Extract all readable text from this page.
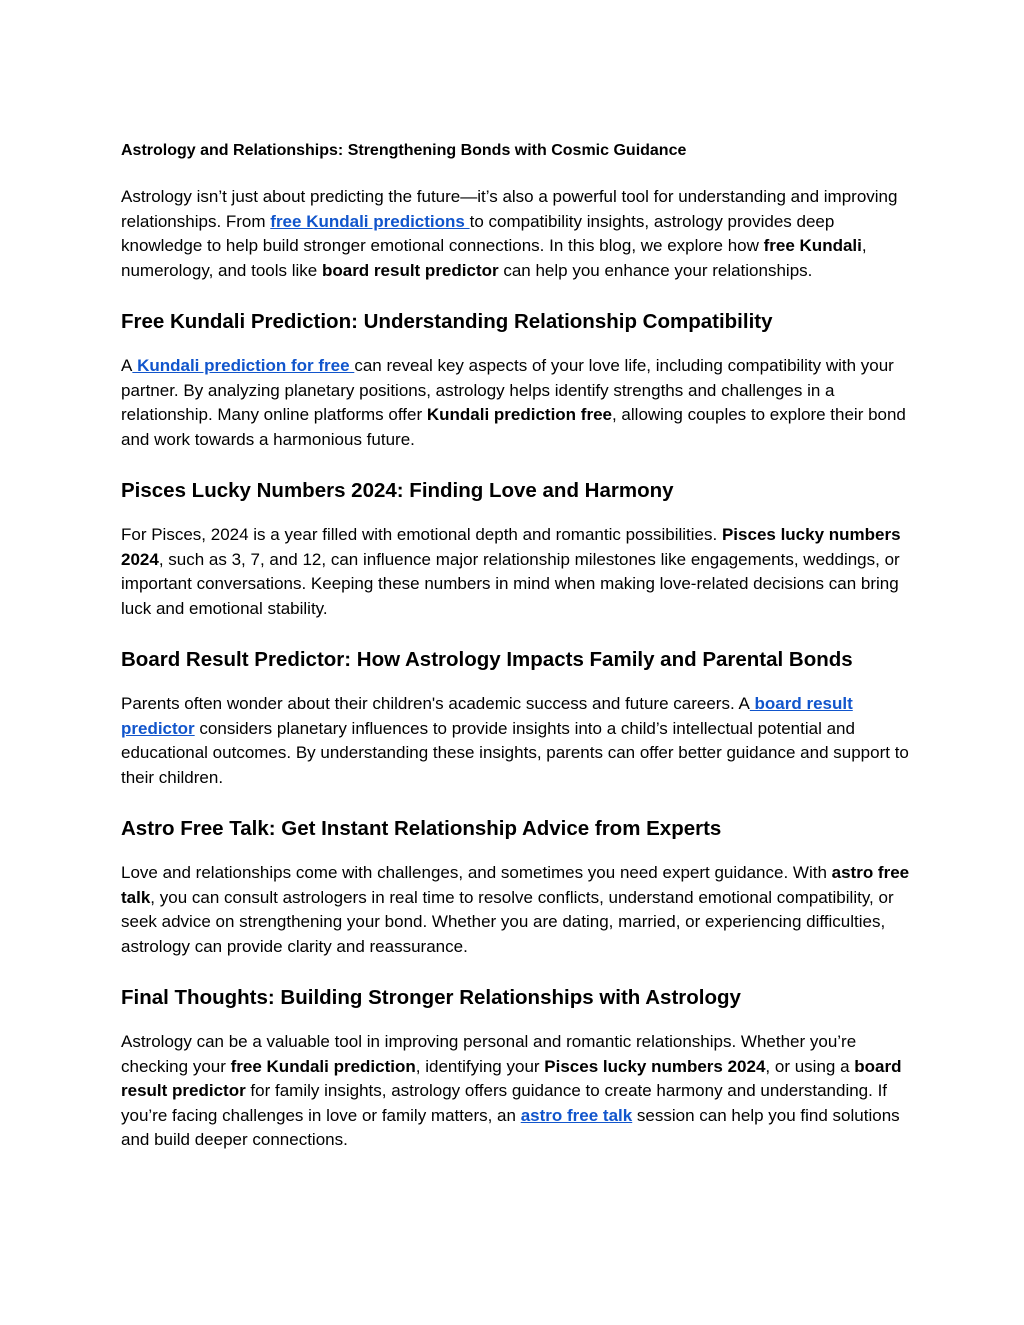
Astrology and Relationships: Strengthening Bonds with Cosmic Guidance

Astrology isn’t just about predicting the future—it’s also a powerful tool for understanding and improving relationships. From free Kundali predictions to compatibility insights, astrology provides deep knowledge to help build stronger emotional connections. In this blog, we explore how free Kundali, numerology, and tools like board result predictor can help you enhance your relationships.

Free Kundali Prediction: Understanding Relationship Compatibility

A Kundali prediction for free can reveal key aspects of your love life, including compatibility with your partner. By analyzing planetary positions, astrology helps identify strengths and challenges in a relationship. Many online platforms offer Kundali prediction free, allowing couples to explore their bond and work towards a harmonious future.

Pisces Lucky Numbers 2024: Finding Love and Harmony

For Pisces, 2024 is a year filled with emotional depth and romantic possibilities. Pisces lucky numbers 2024, such as 3, 7, and 12, can influence major relationship milestones like engagements, weddings, or important conversations. Keeping these numbers in mind when making love-related decisions can bring luck and emotional stability.

Board Result Predictor: How Astrology Impacts Family and Parental Bonds

Parents often wonder about their children's academic success and future careers. A board result predictor considers planetary influences to provide insights into a child’s intellectual potential and educational outcomes. By understanding these insights, parents can offer better guidance and support to their children.

Astro Free Talk: Get Instant Relationship Advice from Experts

Love and relationships come with challenges, and sometimes you need expert guidance. With astro free talk, you can consult astrologers in real time to resolve conflicts, understand emotional compatibility, or seek advice on strengthening your bond. Whether you are dating, married, or experiencing difficulties, astrology can provide clarity and reassurance.

Final Thoughts: Building Stronger Relationships with Astrology

Astrology can be a valuable tool in improving personal and romantic relationships. Whether you’re checking your free Kundali prediction, identifying your Pisces lucky numbers 2024, or using a board result predictor for family insights, astrology offers guidance to create harmony and understanding. If you’re facing challenges in love or family matters, an astro free talk session can help you find solutions and build deeper connections.
